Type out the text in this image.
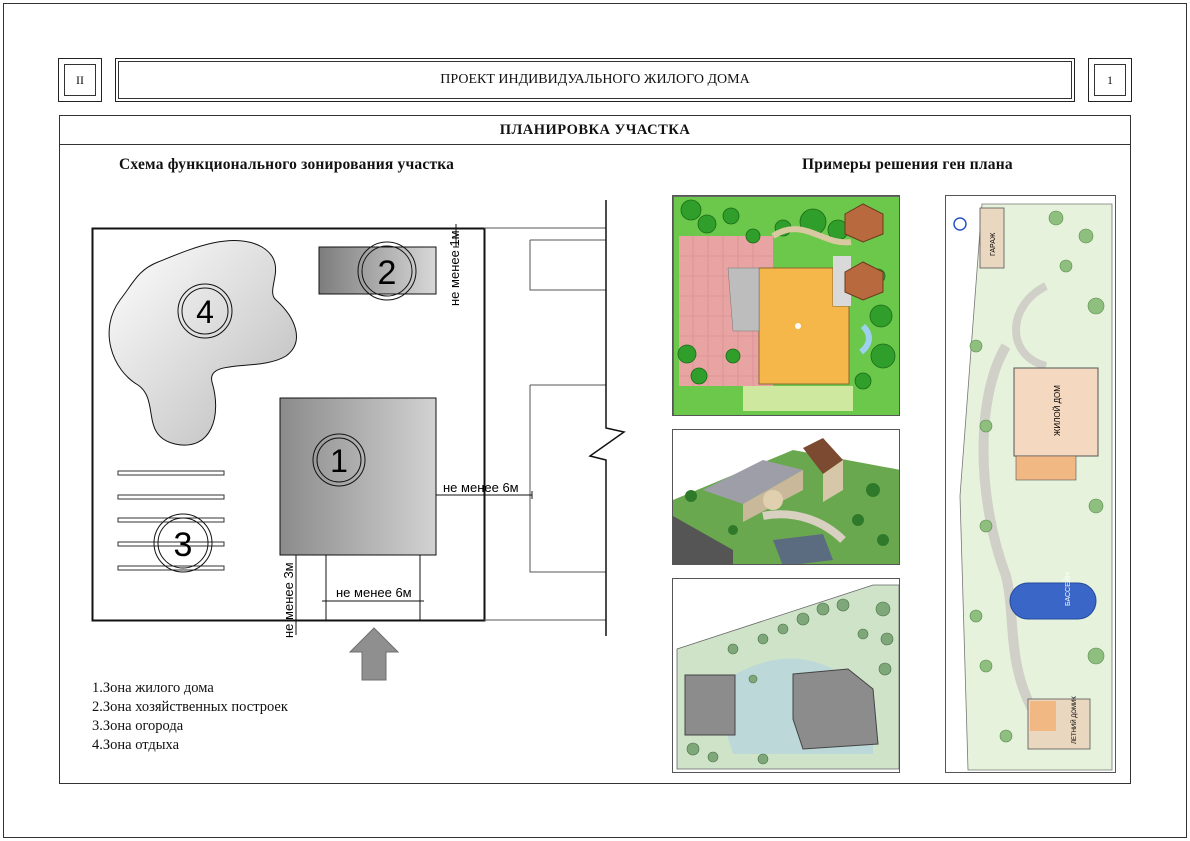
II	ПРОЕКТ ИНДИВИДУАЛЬНОГО ЖИЛОГО ДОМА	1
ПЛАНИРОВКА УЧАСТКА
Схема функционального зонирования участка	Примеры решения ген плана
4
2
1
3
не менее 1м
не менее 6м
не менее 6м
не менее 3м
1.Зона жилого дома
2.Зона хозяйственных построек
3.Зона огорода
4.Зона отдыха
ГАРАЖ
ЖИЛОЙ ДОМ
БАССЕЙН
ЛЕТНИЙ ДОМИК
